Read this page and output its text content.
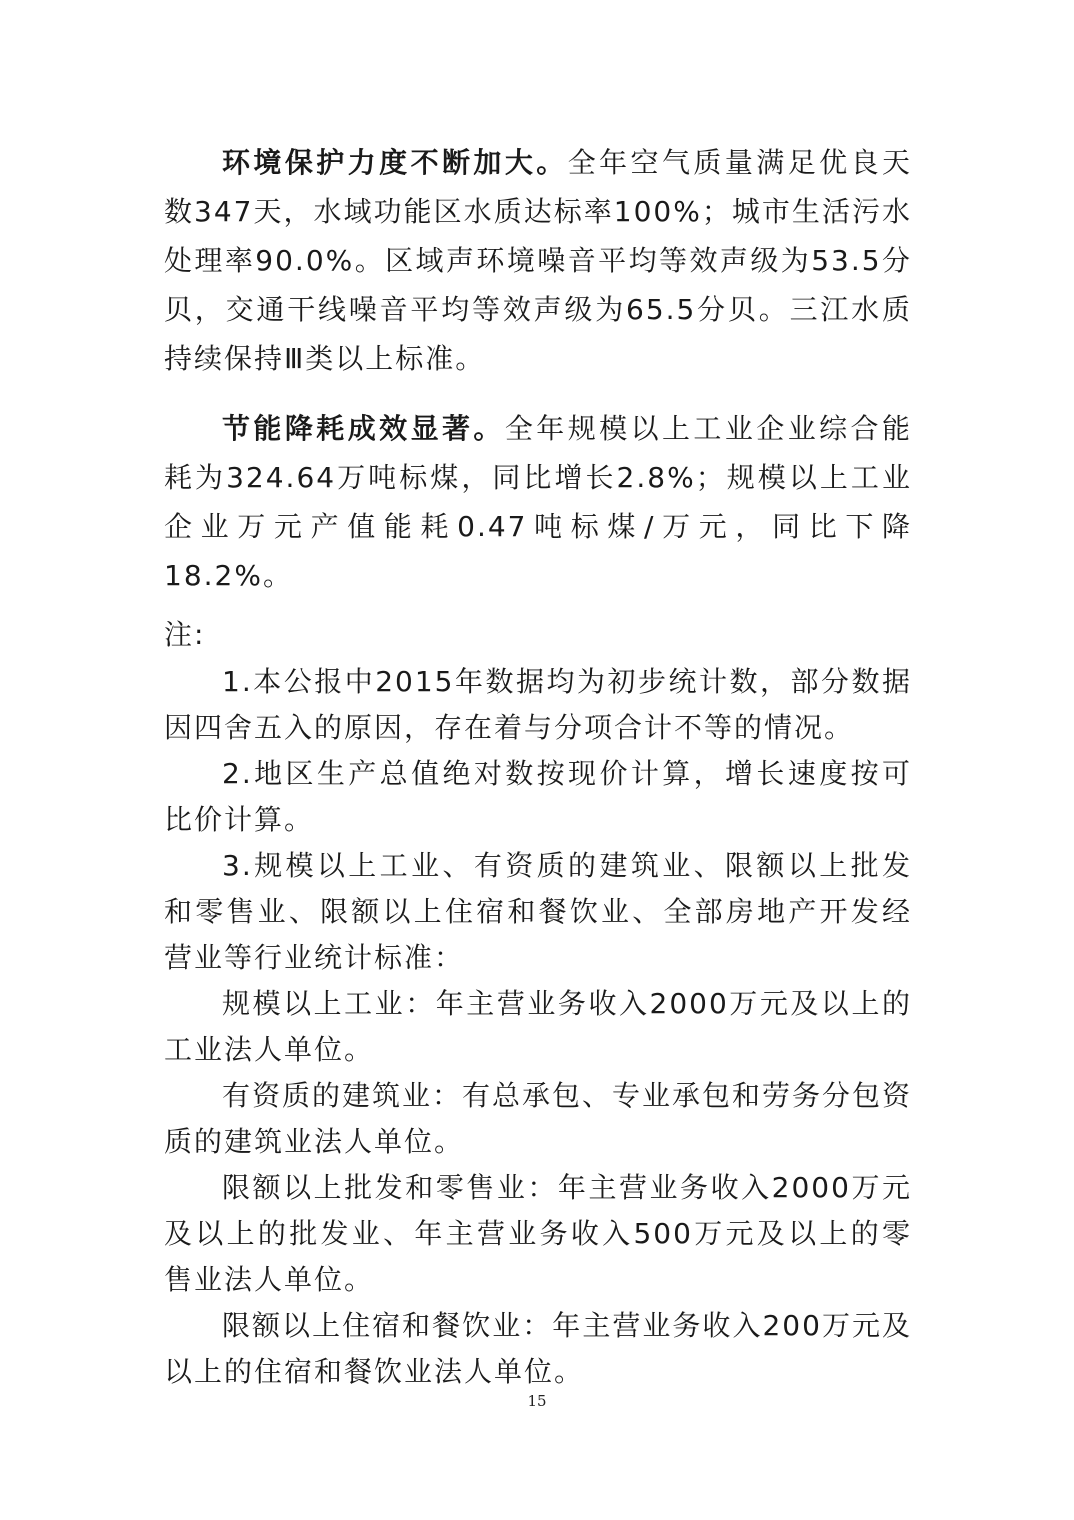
环境保护力度不断加大。全年空气质量满足优良天数347天，水域功能区水质达标率100%；城市生活污水处理率90.0%。区域声环境噪音平均等效声级为53.5分贝，交通干线噪音平均等效声级为65.5分贝。三江水质持续保持Ⅲ类以上标准。

节能降耗成效显著。全年规模以上工业企业综合能耗为324.64万吨标煤，同比增长2.8%；规模以上工业企业万元产值能耗0.47吨标煤/万元，同比下降18.2%。

注:

1.本公报中2015年数据均为初步统计数，部分数据因四舍五入的原因，存在着与分项合计不等的情况。

2.地区生产总值绝对数按现价计算，增长速度按可比价计算。

3.规模以上工业、有资质的建筑业、限额以上批发和零售业、限额以上住宿和餐饮业、全部房地产开发经营业等行业统计标准：

规模以上工业：年主营业务收入2000万元及以上的工业法人单位。

有资质的建筑业：有总承包、专业承包和劳务分包资质的建筑业法人单位。

限额以上批发和零售业：年主营业务收入2000万元及以上的批发业、年主营业务收入500万元及以上的零售业法人单位。

限额以上住宿和餐饮业：年主营业务收入200万元及以上的住宿和餐饮业法人单位。

15
